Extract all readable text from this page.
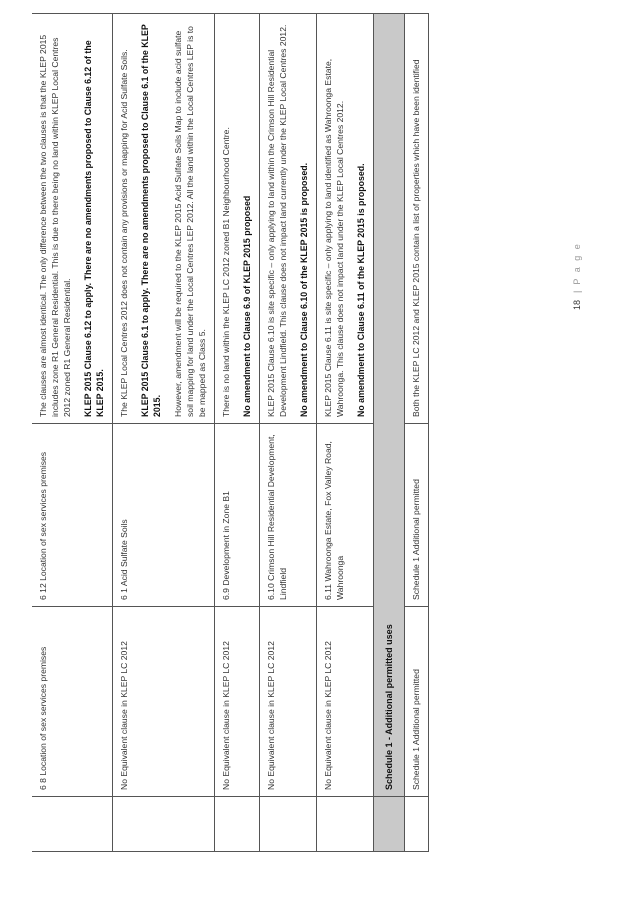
	6 8 Location of sex services premises	6 12 Location of sex services premises	The clauses are almost identical. The only difference between the two clauses is that the KLEP 2015 includes zone R1 General Residential. This is due to there being no land within KLEP Local Centres 2012 zoned R1 General Residential. KLEP 2015 Clause 6.12 to apply. There are no amendments proposed to Clause 6.12 of the KLEP 2015.

	No Equivalent clause in KLEP LC 2012	6 1 Acid Sulfate Soils	The KLEP Local Centres 2012 does not contain any provisions or mapping for Acid Sulfate Soils. KLEP 2015 Clause 6.1 to apply. There are no amendments proposed to Clause 6.1 of the KLEP 2015. However, amendment will be required to the KLEP 2015 Acid Sulfate Soils Map to include acid sulfate soil mapping for land under the Local Centres LEP 2012. All the land within the Local Centres LEP is to be mapped as Class 5.

	No Equivalent clause in KLEP LC 2012	6.9 Development in Zone B1	There is no land within the KLEP LC 2012 zoned B1 Neighbourhood Centre. No amendment to Clause 6.9 of KLEP 2015 proposed

	No Equivalent clause in KLEP LC 2012	6.10 Crimson Hill Residential Development, Lindfield	KLEP 2015 Clause 6.10 is site specific – only applying to land within the Crimson Hill Residential Development Lindfield. This clause does not impact land currently under the KLEP Local Centres 2012. No amendment to Clause 6.10 of the KLEP 2015 is proposed.

	No Equivalent clause in KLEP LC 2012	6.11 Wahroonga Estate, Fox Valley Road, Wahroonga	KLEP 2015 Clause 6.11 is site specific – only applying to land identified as Wahroonga Estate, Wahroonga. This clause does not impact land under the KLEP Local Centres 2012. No amendment to Clause 6.11 of the KLEP 2015 is proposed.

	Schedule 1 - Additional permitted uses		
	Schedule 1 Additional permitted	Schedule 1 Additional permitted	Both the KLEP LC 2012 and KLEP 2015 contain a list of properties which have been identified	18 | P a g e
